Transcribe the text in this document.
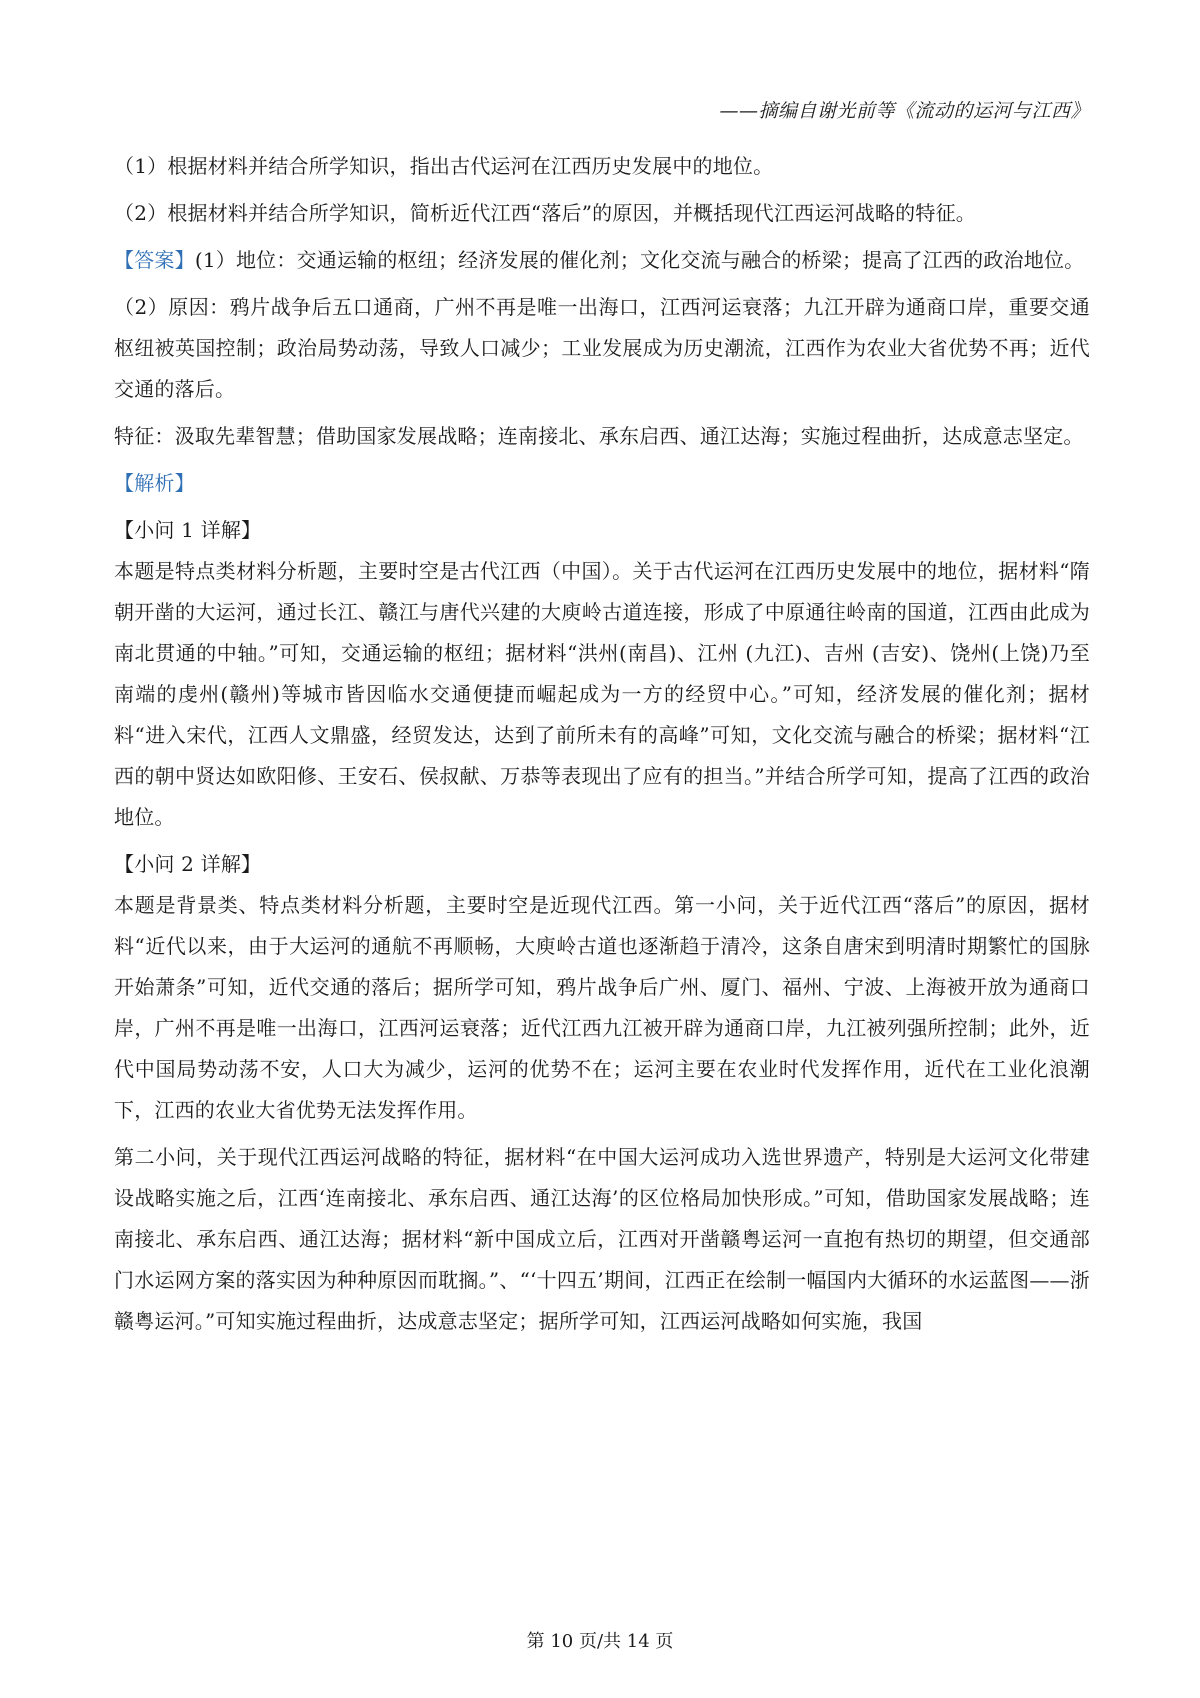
——摘编自谢光前等《流动的运河与江西》

（1）根据材料并结合所学知识，指出古代运河在江西历史发展中的地位。

（2）根据材料并结合所学知识，简析近代江西“落后”的原因，并概括现代江西运河战略的特征。

【答案】(1）地位：交通运输的枢纽；经济发展的催化剂；文化交流与融合的桥梁；提高了江西的政治地位。

（2）原因：鸦片战争后五口通商，广州不再是唯一出海口，江西河运衰落；九江开辟为通商口岸，重要交通枢纽被英国控制；政治局势动荡，导致人口减少；工业发展成为历史潮流，江西作为农业大省优势不再；近代交通的落后。

特征：汲取先辈智慧；借助国家发展战略；连南接北、承东启西、通江达海；实施过程曲折，达成意志坚定。

【解析】

【小问 1 详解】

本题是特点类材料分析题，主要时空是古代江西（中国）。关于古代运河在江西历史发展中的地位，据材料“隋朝开凿的大运河，通过长江、赣江与唐代兴建的大庾岭古道连接，形成了中原通往岭南的国道，江西由此成为南北贯通的中轴。”可知，交通运输的枢纽；据材料“洪州(南昌)、江州 (九江)、吉州 (吉安)、饶州(上饶)乃至南端的虔州(赣州)等城市皆因临水交通便捷而崛起成为一方的经贸中心。”可知，经济发展的催化剂；据材料“进入宋代，江西人文鼎盛，经贸发达，达到了前所未有的高峰”可知，文化交流与融合的桥梁；据材料“江西的朝中贤达如欧阳修、王安石、侯叔献、万恭等表现出了应有的担当。”并结合所学可知，提高了江西的政治地位。

【小问 2 详解】

本题是背景类、特点类材料分析题，主要时空是近现代江西。第一小问，关于近代江西“落后”的原因，据材料“近代以来，由于大运河的通航不再顺畅，大庾岭古道也逐渐趋于清冷，这条自唐宋到明清时期繁忙的国脉开始萧条”可知，近代交通的落后；据所学可知，鸦片战争后广州、厦门、福州、宁波、上海被开放为通商口岸，广州不再是唯一出海口，江西河运衰落；近代江西九江被开辟为通商口岸，九江被列强所控制；此外，近代中国局势动荡不安，人口大为减少，运河的优势不在；运河主要在农业时代发挥作用，近代在工业化浪潮下，江西的农业大省优势无法发挥作用。

第二小问，关于现代江西运河战略的特征，据材料“在中国大运河成功入选世界遗产，特别是大运河文化带建设战略实施之后，江西‘连南接北、承东启西、通江达海’的区位格局加快形成。”可知，借助国家发展战略；连南接北、承东启西、通江达海；据材料“新中国成立后，江西对开凿赣粤运河一直抱有热切的期望，但交通部门水运网方案的落实因为种种原因而耽搁。”、“‘十四五’期间，江西正在绘制一幅国内大循环的水运蓝图——浙赣粤运河。”可知实施过程曲折，达成意志坚定；据所学可知，江西运河战略如何实施，我国

第 10 页/共 14 页
